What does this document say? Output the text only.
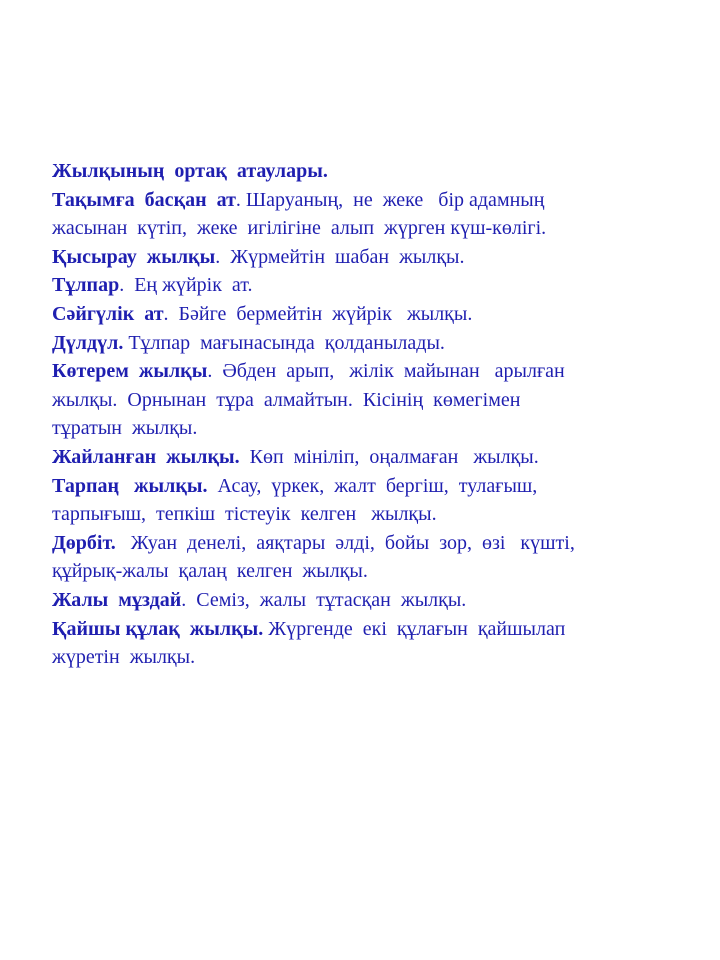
Жылқының  ортақ  атаулары.
Тақымға  басқан  ат. Шаруаның,  не  жеке   бір адамның
жасынан  күтіп,  жеке  игілігіне  алып  жүрген күш-көлігі.
Қысырау  жылқы.  Жүрмейтін  шабан  жылқы.
Тұлпар.  Ең жүйрік  ат.
Сәйгүлік  ат.  Бәйге  бермейтін  жүйрік   жылқы.
Дүлдүл. Тұлпар  мағынасында  қолданылады.
Көтерем  жылқы.  Әбден  арып,   жілік  майынан   арылған
жылқы.  Орнынан  тұра  алмайтын.  Кісінің  көмегімен
тұратын  жылқы.
Жайланған  жылқы.  Көп  мініліп,  оңалмаған   жылқы.
Тарпаң   жылқы.  Асау,  үркек,  жалт  бергіш,  тулағыш,
тарпығыш,  тепкіш  тістеуік  келген   жылқы.
Дөрбіт.   Жуан  денелі,  аяқтары  әлді,  бойы  зор,  өзі   күшті,
құйрық-жалы  қалаң  келген  жылқы.
Жалы  мұздай.  Семіз,  жалы  тұтасқан  жылқы.
Қайшы құлақ  жылқы. Жүргенде  екі  құлағын  қайшылап
жүретін  жылқы.
